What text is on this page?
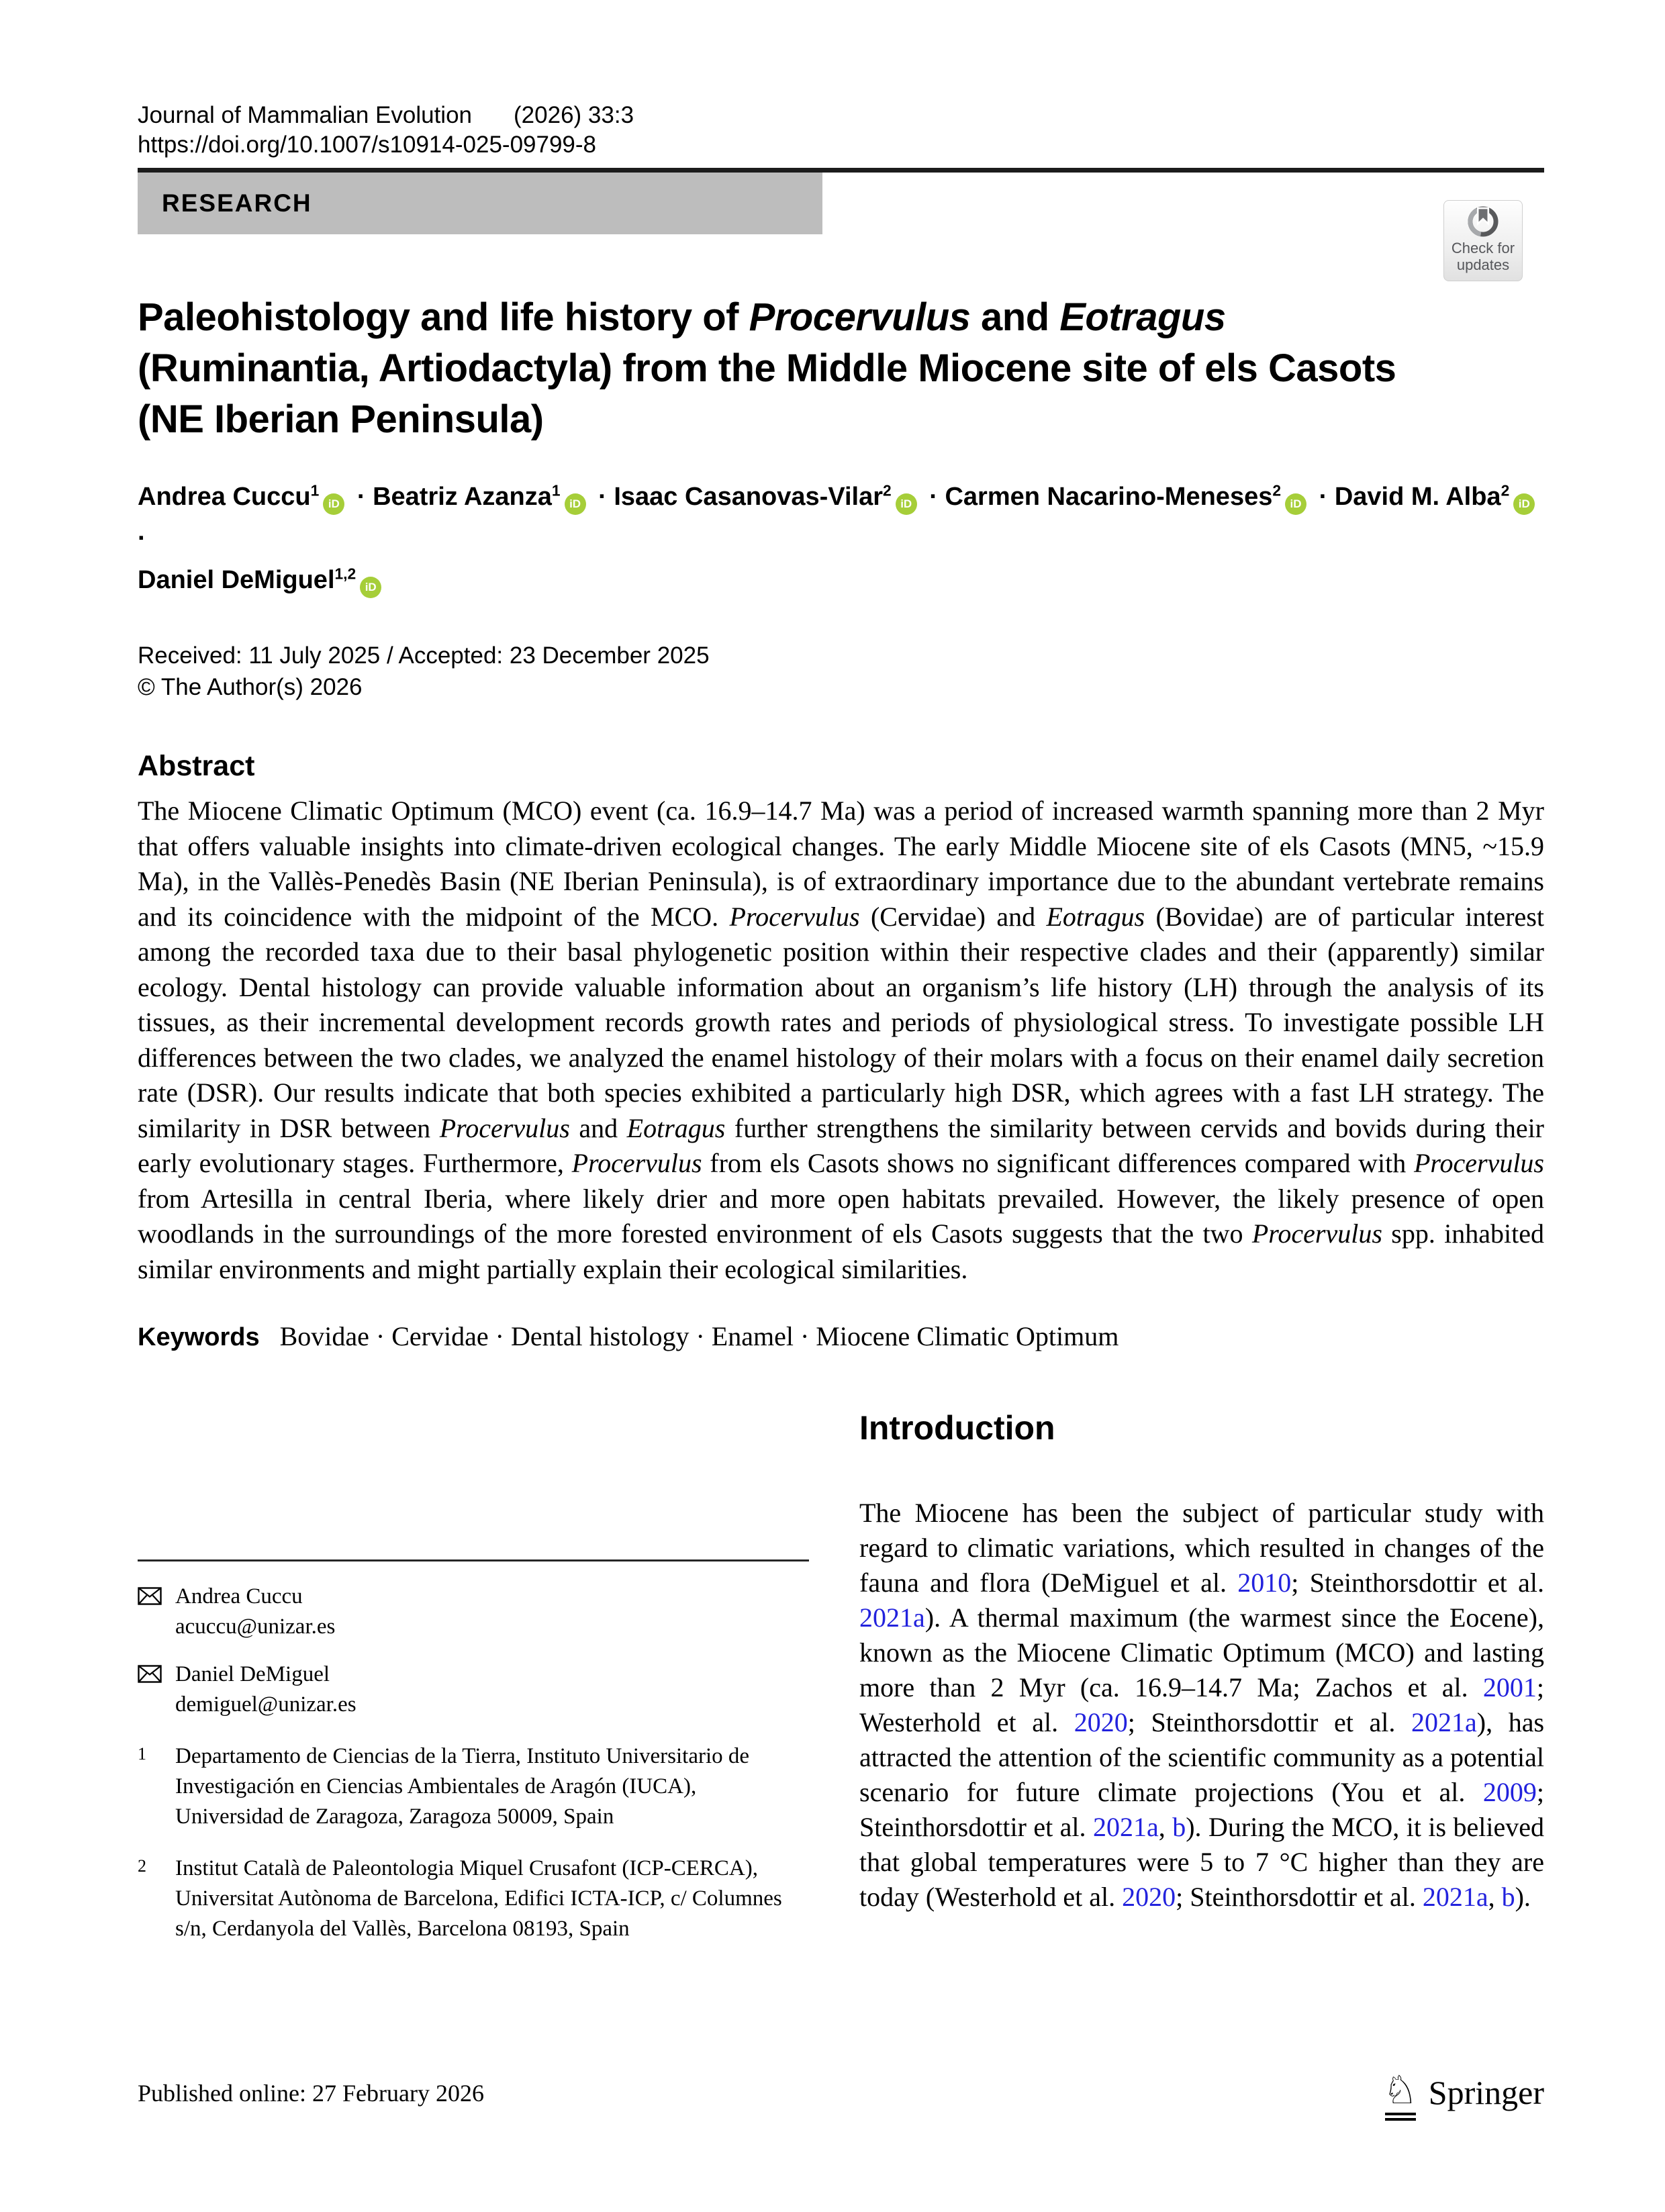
Journal of Mammalian Evolution (2026) 33:3
https://doi.org/10.1007/s10914-025-09799-8
RESEARCH
Paleohistology and life history of Procervulus and Eotragus
(Ruminantia, Artiodactyla) from the Middle Miocene site of els Casots
(NE Iberian Peninsula)
Andrea Cuccu$^1$iD · Beatriz Azanza$^1$iD · Isaac Casanovas-Vilar$^2$iD · Carmen Nacarino-Meneses$^2$iD · David M. Alba$^2$iD ·
Daniel DeMiguel$^{1,2}$iD
Received: 11 July 2025 / Accepted: 23 December 2025
© The Author(s) 2026
Abstract

The Miocene Climatic Optimum (MCO) event (ca. 16.9–14.7 Ma) was a period of increased warmth spanning more than 2 Myr that offers valuable insights into climate-driven ecological changes. The early Middle Miocene site of els Casots (MN5, ~15.9 Ma), in the Vallès-Penedès Basin (NE Iberian Peninsula), is of extraordinary importance due to the abundant vertebrate remains and its coincidence with the midpoint of the MCO. Procervulus (Cervidae) and Eotragus (Bovidae) are of particular interest among the recorded taxa due to their basal phylogenetic position within their respective clades and their (apparently) similar ecology. Dental histology can provide valuable information about an organism’s life history (LH) through the analysis of its tissues, as their incremental development records growth rates and periods of physiological stress. To investigate possible LH differences between the two clades, we analyzed the enamel histology of their molars with a focus on their enamel daily secretion rate (DSR). Our results indicate that both species exhibited a particularly high DSR, which agrees with a fast LH strategy. The similarity in DSR between Procervulus and Eotragus further strengthens the similarity between cervids and bovids during their early evolutionary stages. Furthermore, Procervulus from els Casots shows no significant differences compared with Procervulus from Artesilla in central Iberia, where likely drier and more open habitats prevailed. However, the likely presence of open woodlands in the surroundings of the more forested environment of els Casots suggests that the two Procervulus spp. inhabited similar environments and might partially explain their ecological similarities.

Keywords Bovidae · Cervidae · Dental histology · Enamel · Miocene Climatic Optimum
Andrea Cuccu
acuccu@unizar.es
Daniel DeMiguel
demiguel@unizar.es
1	Departamento de Ciencias de la Tierra, Instituto Universitario de Investigación en Ciencias Ambientales de Aragón (IUCA), Universidad de Zaragoza, Zaragoza 50009, Spain
2	Institut Català de Paleontologia Miquel Crusafont (ICP-CERCA), Universitat Autònoma de Barcelona, Edifici ICTA-ICP, c/ Columnes s/n, Cerdanyola del Vallès, Barcelona 08193, Spain
Introduction

The Miocene has been the subject of particular study with regard to climatic variations, which resulted in changes of the fauna and flora (DeMiguel et al. 2010; Steinthorsdottir et al. 2021a). A thermal maximum (the warmest since the Eocene), known as the Miocene Climatic Optimum (MCO) and lasting more than 2 Myr (ca. 16.9–14.7 Ma; Zachos et al. 2001; Westerhold et al. 2020; Steinthorsdottir et al. 2021a), has attracted the attention of the scientific community as a potential scenario for future climate projections (You et al. 2009; Steinthorsdottir et al. 2021a, b). During the MCO, it is believed that global temperatures were 5 to 7 °C higher than they are today (Westerhold et al. 2020; Steinthorsdottir et al. 2021a, b).

Check for
updates
Published online: 27 February 2026	♘ Springer
